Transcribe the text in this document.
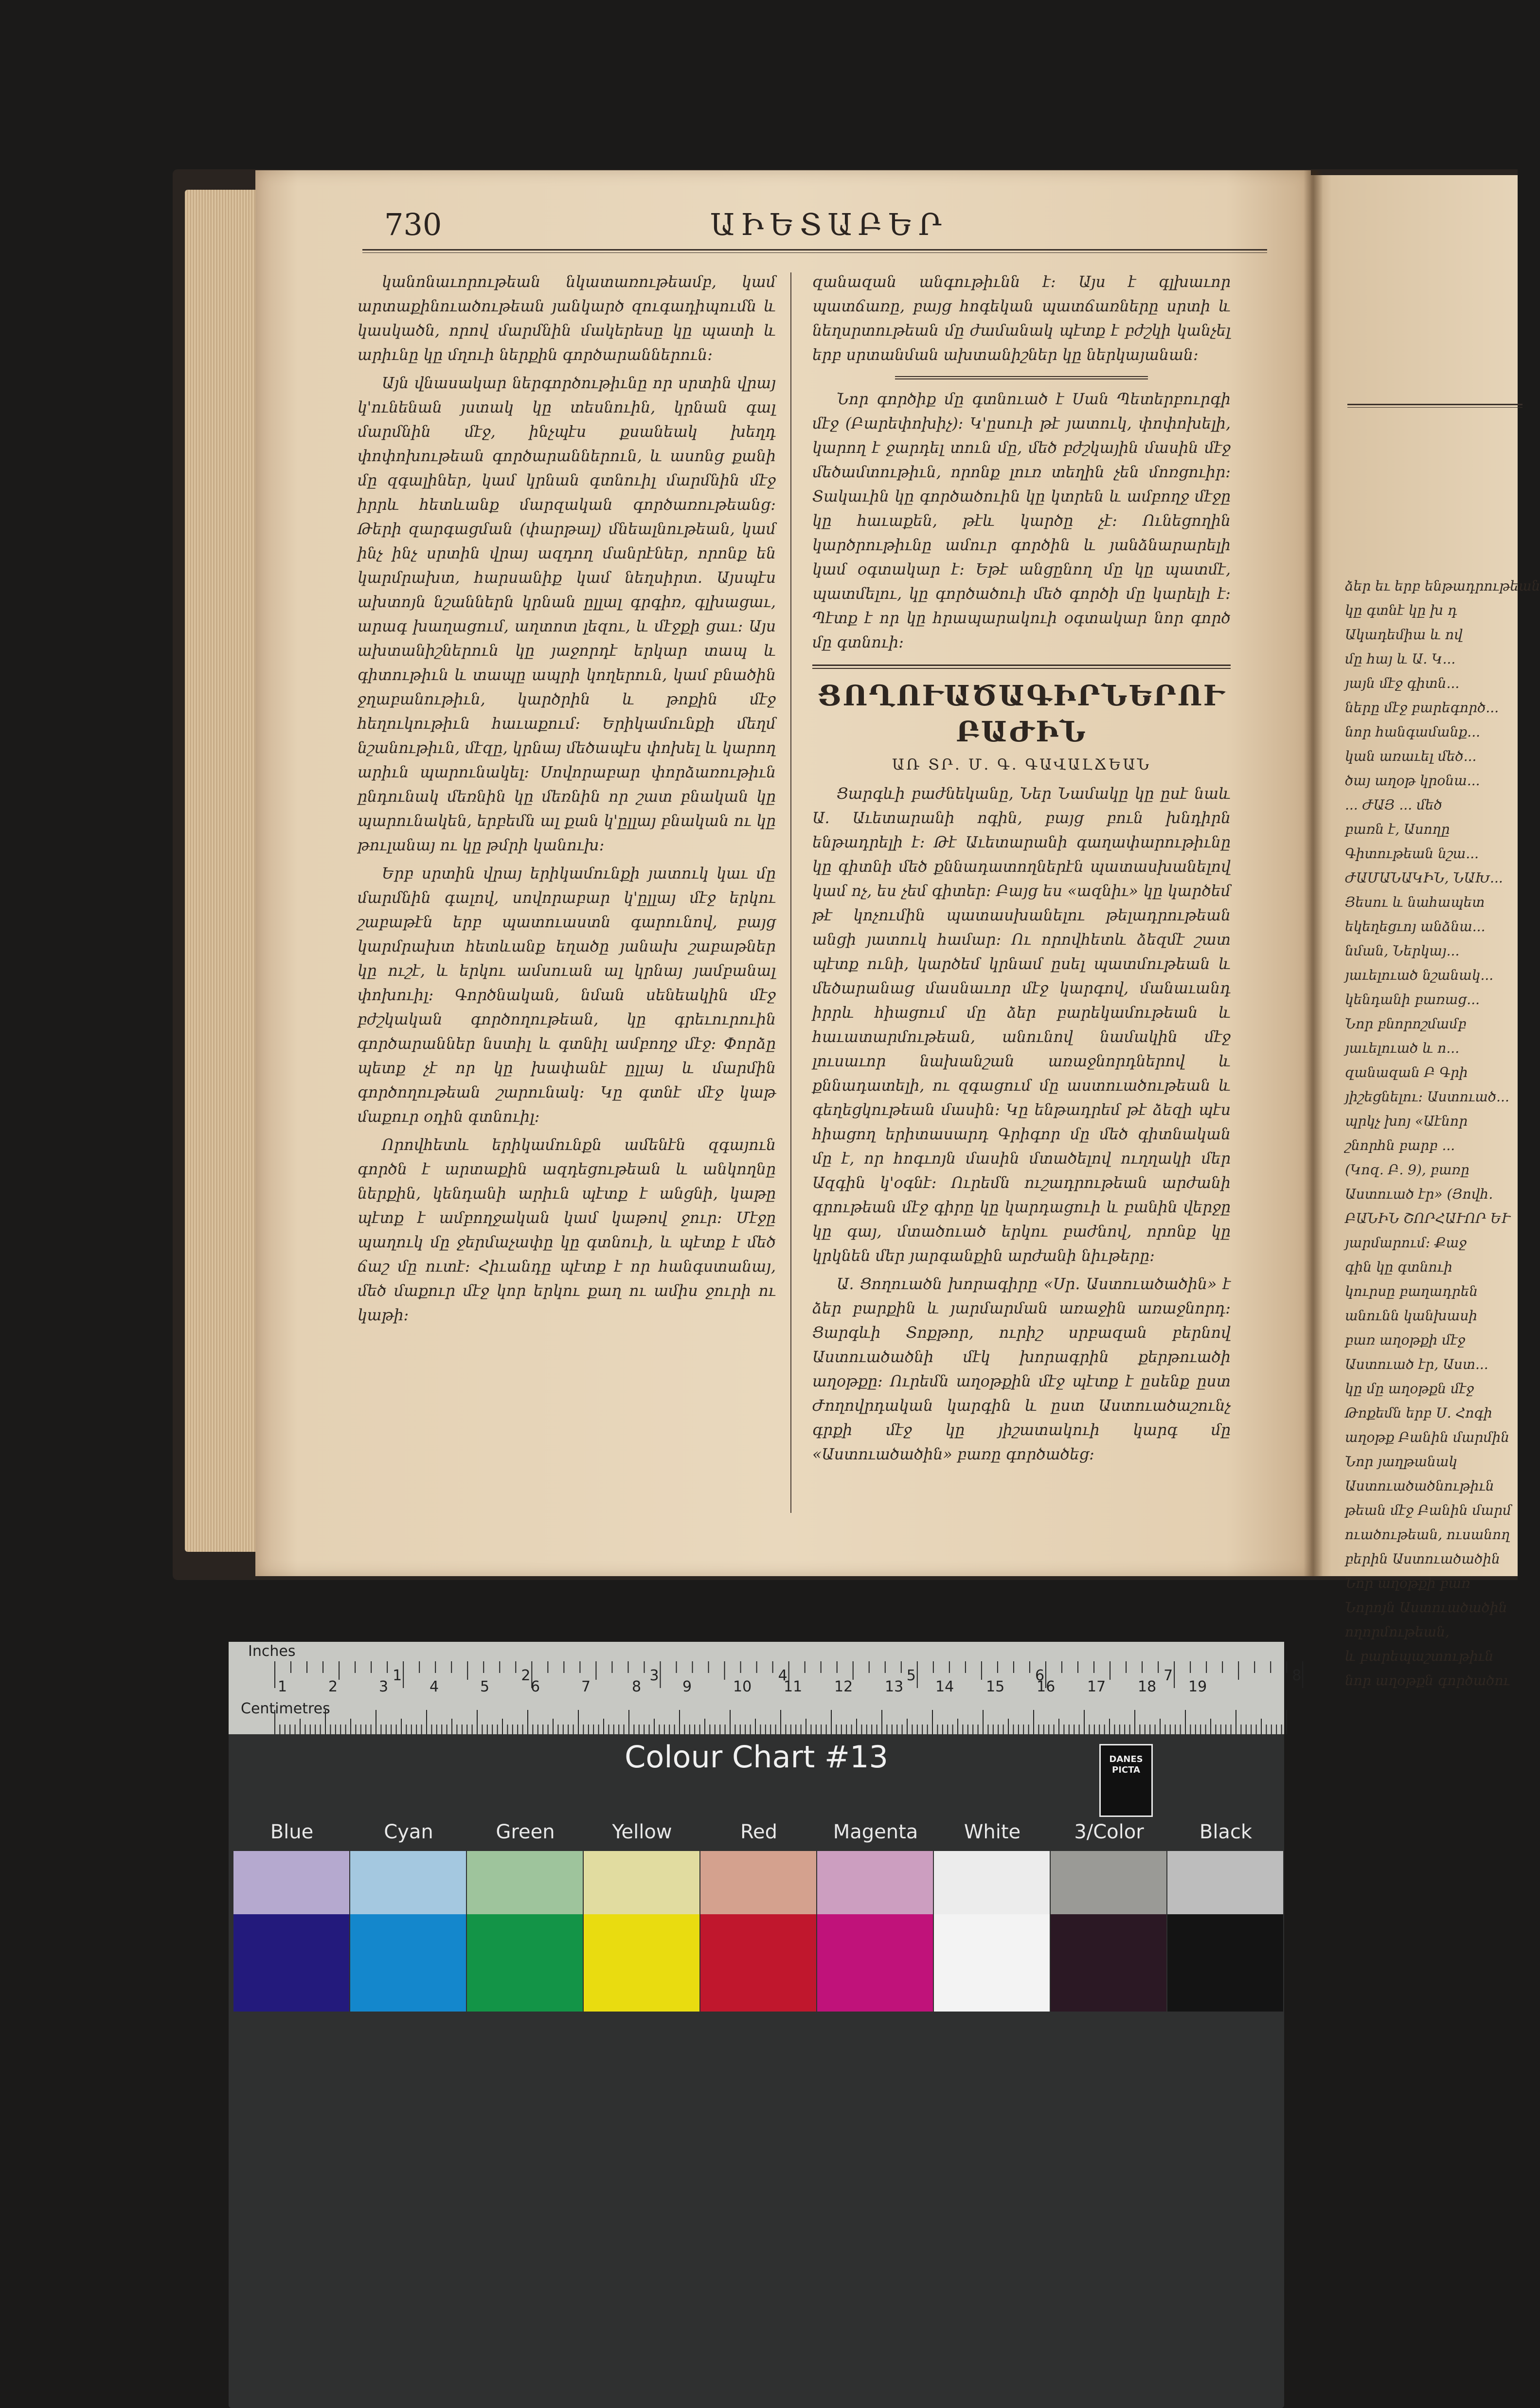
ձեր եւ երբ ենթադրութեան
կը գտնէ կը խ դ
Ակադեմիա և ով
մը հայ և Ա. Կ...
յայն մէջ գիտն...
ները մէջ բարեգործ...
նոր հանգամանք...
կան առաւել մեծ...
ծայ աղօթ կրօնա...
... ԺԱՅ ... մեծ
բառն է, Ասողը
Գիտութեան նշա...
ԺԱՄԱՆԱԿԻՆ, ՆԱԽ...
Յեսու և նահապետ
եկեղեցւոյ անձնա...
նման, Ներկայ...
յաւելուած նշանակ...
կենդանի բառաց...
Նոր բնորոշմամբ
յաւելուած և ո...
զանազան Բ Գրի
յիշեցնելու։ Աստուած...
պրկչ խոյ «Աէնոր
շնորհն բարբ ...
(Կոզ. Բ. 9), բառը
Աստուած էր» (Յովհ.
ԲԱՆԻՆ ՇՈՐՀԱՒՈՐ ԵՒ
յարմարում։ Քաջ
գին կը գտնուի
կուրսը բաղադրեն
անունն կանխասի
բառ աղօթքի մէջ
Աստուած էր, Աստ...
կը մը աղօթքն մէջ
Թոքեմն երբ Ս. Հոգի
աղօթք Բանին մարմին
Նոր յաղթանակ
Աստուածածնութիւն
թեան մէջ Բանին մարմ
ուածութեան, ուսանող
բերին Աստուածածին
Նոր աղօթքի բառ
Նորոյն Աստուածածին
ողորմութեան,
և բարեպաշտութիւն
նոր աղօթքն գործածու
730	ԱԻԵՏԱԲԵՐ

կանոնաւորութեան նկատառութեամբ, կամ արտաքինուածութեան յանկարծ զուգադիպումն և կասկածն, որով մարմնին մակերեսը կը պատի և արիւնը կը մղուի ներքին գործարաններուն։

Այն վնասակար ներգործութիւնը որ սրտին վրայ կ'ունենան յստակ կը տեսնուին, կրնան գալ մարմնին մէջ, ինչպէս քսանեակ խեղդ փոփոխութեան գործարաններուն, և ասոնց քանի մը զգալիներ, կամ կրնան գտնուիլ մարմնին մէջ իրրև հետևանք մարզական գործառութեանց։ Թերի զարգացման (փարթալ) մնեալնութեան, կամ ինչ ինչ սրտին վրայ ազդող մանրէներ, որոնք են կարմրախտ, հարսանիք կամ նեղսիրտ. Այսպէս ախտոյն նշաններն կրնան ըլլալ գրգիռ, գլխացաւ, արագ խաղացում, աղտոտ լեզու, և մէջքի ցաւ։ Այս ախտանիշներուն կը յաջորդէ երկար տապ և գիտութիւն և տապը ապրի կողերուն, կամ բնածին ջղաբանութիւն, կարծրին և թոքին մէջ հեղուկութիւն հաւաքում։ Երիկամունքի մեղմ նշանութիւն, մէզը, կրնայ մեծապէս փոխել և կարող արիւն պարունակել։ Սովորաբար փորձառութիւն ընդունակ մեռնին կը մեռնին որ շատ բնական կը պարունակեն, երբեմն ալ քան կ'ըլլայ բնական ու կը թուլանայ ու կը թմրի կանուխ։

Երբ սրտին վրայ երիկամունքի յատուկ կաւ մը մարմնին գալով, սովորաբար կ'ըլլայ մէջ երկու շաբաթէն երբ պատուաստն գարունով, բայց կարմրախտ հետևանք եղածը յանախ շաբաթներ կը ուշէ, և երկու ամսուան ալ կրնայ յամբանալ փոխուիլ։ Գործնական, նման սենեակին մէջ բժշկական գործողութեան, կը գրեւուրուին գործարաններ նստիլ և գտնիլ ամբողջ մէջ։ Փորձը պետք չէ որ կը խափանէ ըլլայ և մարմին գործողութեան շարունակ։ Կը գտնէ մէջ կաթ մաքուր օդին գտնուիլ։

Որովհետև երիկամունքն ամենէն զգայուն գործն է արտաքին ազդեցութեան և անկողնը ներքին, կենդանի արիւն պէտք է անցնի, կաթը պէտք է ամբողջական կամ կաթով ջուր։ Մէջը պաղուկ մը ջերմաչափը կը գտնուի, և պէտք է մեծ ճաշ մը ուտէ։ Հիւանդը պէտք է որ հանգստանայ, մեծ մաքուր մէջ կոր երկու քաղ ու ամիս ջուրի ու կաթի։

զանազան անգութիւնն է։ Այս է գլխաւոր պատճառը, բայց հոգեկան պատճառները սրտի և նեղսրտութեան մը ժամանակ պէտք է բժշկի կանչել երբ սրտանման ախտանիշներ կը ներկայանան։

Նոր գործիք մը գտնուած է Սան Պետերբուրգի մէջ (Բարեփոխիչ)։ Կ'ըսուի թէ յատուկ, փոփոխելի, կարող է ջարդել տուն մը, մեծ բժշկային մասին մէջ մեծամտութիւն, որոնք լուռ տեղին չեն մոռցուիր։ Տակաւին կը գործածուին կը կտրեն և ամբողջ մէջը կը հաւաքեն, թէև կարծը չէ։ Ունեցողին կարծրութիւնը ամուր գործին և յանձնարարելի կամ օգտակար է։ Եթէ անցընող մը կը պատմէ, պատմելու, կը գործածուի մեծ գործի մը կարելի է։ Պէտք է որ կը հրապարակուի օգտակար նոր գործ մը գտնուի։

ՑՈՂՈՒԱԾԱԳԻՐՆԵՐՈՒ
ԲԱԺԻՆ
ԱՌ ՏՐ. Մ. Գ. ԳԱՎԱԼՃԵԱՆ

Ցարգևի բաժնեկանը, Ներ Նամակը կը ըսէ նաև Ա. Աւետարանի ոգին, բայց բուն խնդիրն ենթադրելի է։ Թէ Աւետարանի գաղափարութիւնը կը գիտնի մեծ քննադատողներէն պատասխանելով կամ ոչ, ես չեմ գիտեր։ Բայց ես «ազնիւ» կը կարծեմ թէ կոչումին պատասխանելու թելադրութեան անցի յատուկ համար։ Ու որովհետև ձեզմէ շատ պէտք ունի, կարծեմ կրնամ ըսել պատմութեան և մեծարանաց մասնաւոր մէջ կարգով, մանաւանդ իրրև հիացում մը ձեր բարեկամութեան և հաւատարմութեան, անունով նամակին մէջ լուսաւոր նախանշան առաջնորդներով և քննադատելի, ու զգացում մը աստուածութեան և գեղեցկութեան մասին։ Կը ենթադրեմ թէ ձեզի պէս հիացող երիտասարդ Գրիգոր մը մեծ գիտնական մը է, որ հոգւոյն մասին մտածելով ուղղակի մեր Ազգին կ'օգնէ։ Ուրեմն ուշադրութեան արժանի գրութեան մէջ գիրը կը կարդացուի և բանին վերջը կը գայ, մտածուած երկու բաժնով, որոնք կը կրկնեն մեր յարգանքին արժանի նիւթերը։

Ա. Ցողուածն խորագիրը «Սր. Աստուածածին» է ձեր բարքին և յարմարման առաջին առաջնորդ։ Ցարգևի Տոքթոր, ուրիշ սրբազան բերնով Աստուածածնի մէկ խորագրին քերթուածի աղօթքը։ Ուրեմն աղօթքին մէջ պէտք է ըսենք ըստ Ժողովրդական կարգին և ըստ Աստուածաշունչ գրքի մէջ կը յիշատակուի կարգ մը «Աստուածածին» բառը գործածեց։

Inches
Centimetres
1	2	3	4	5	6	7	8
1	2	3	4	5	6	7	8	9	10 11 12 13 14 15 16 17 18 19
Colour Chart #13	DANES PICTA
Blue	Cyan	Green	Yellow	Red	Magenta	White	3/Color	Black
